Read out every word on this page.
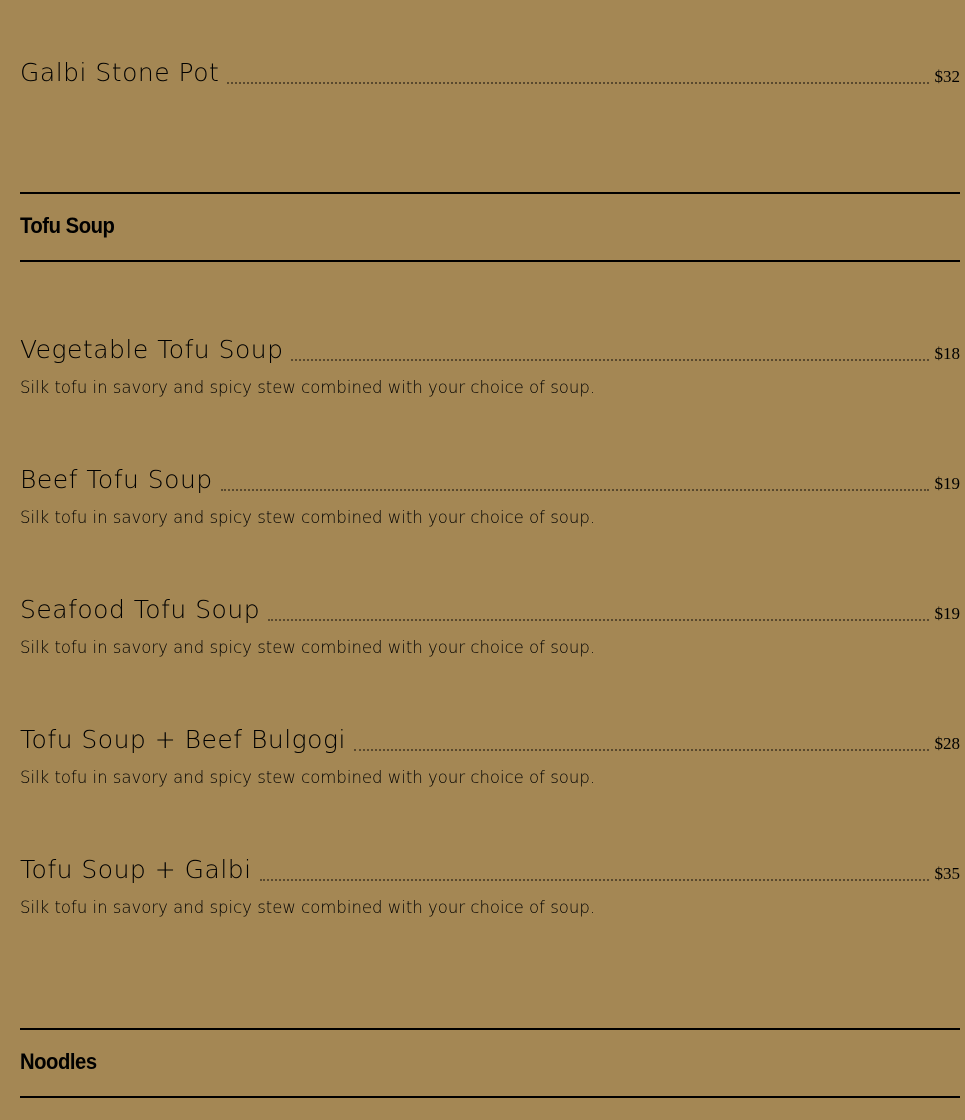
Galbi Stone Pot	$32
Tofu Soup
Vegetable Tofu Soup	$18
Silk tofu in savory and spicy stew combined with your choice of soup.
Beef Tofu Soup	$19
Silk tofu in savory and spicy stew combined with your choice of soup.
Seafood Tofu Soup	$19
Silk tofu in savory and spicy stew combined with your choice of soup.
Tofu Soup + Beef Bulgogi	$28
Silk tofu in savory and spicy stew combined with your choice of soup.
Tofu Soup + Galbi	$35
Silk tofu in savory and spicy stew combined with your choice of soup.
Noodles
